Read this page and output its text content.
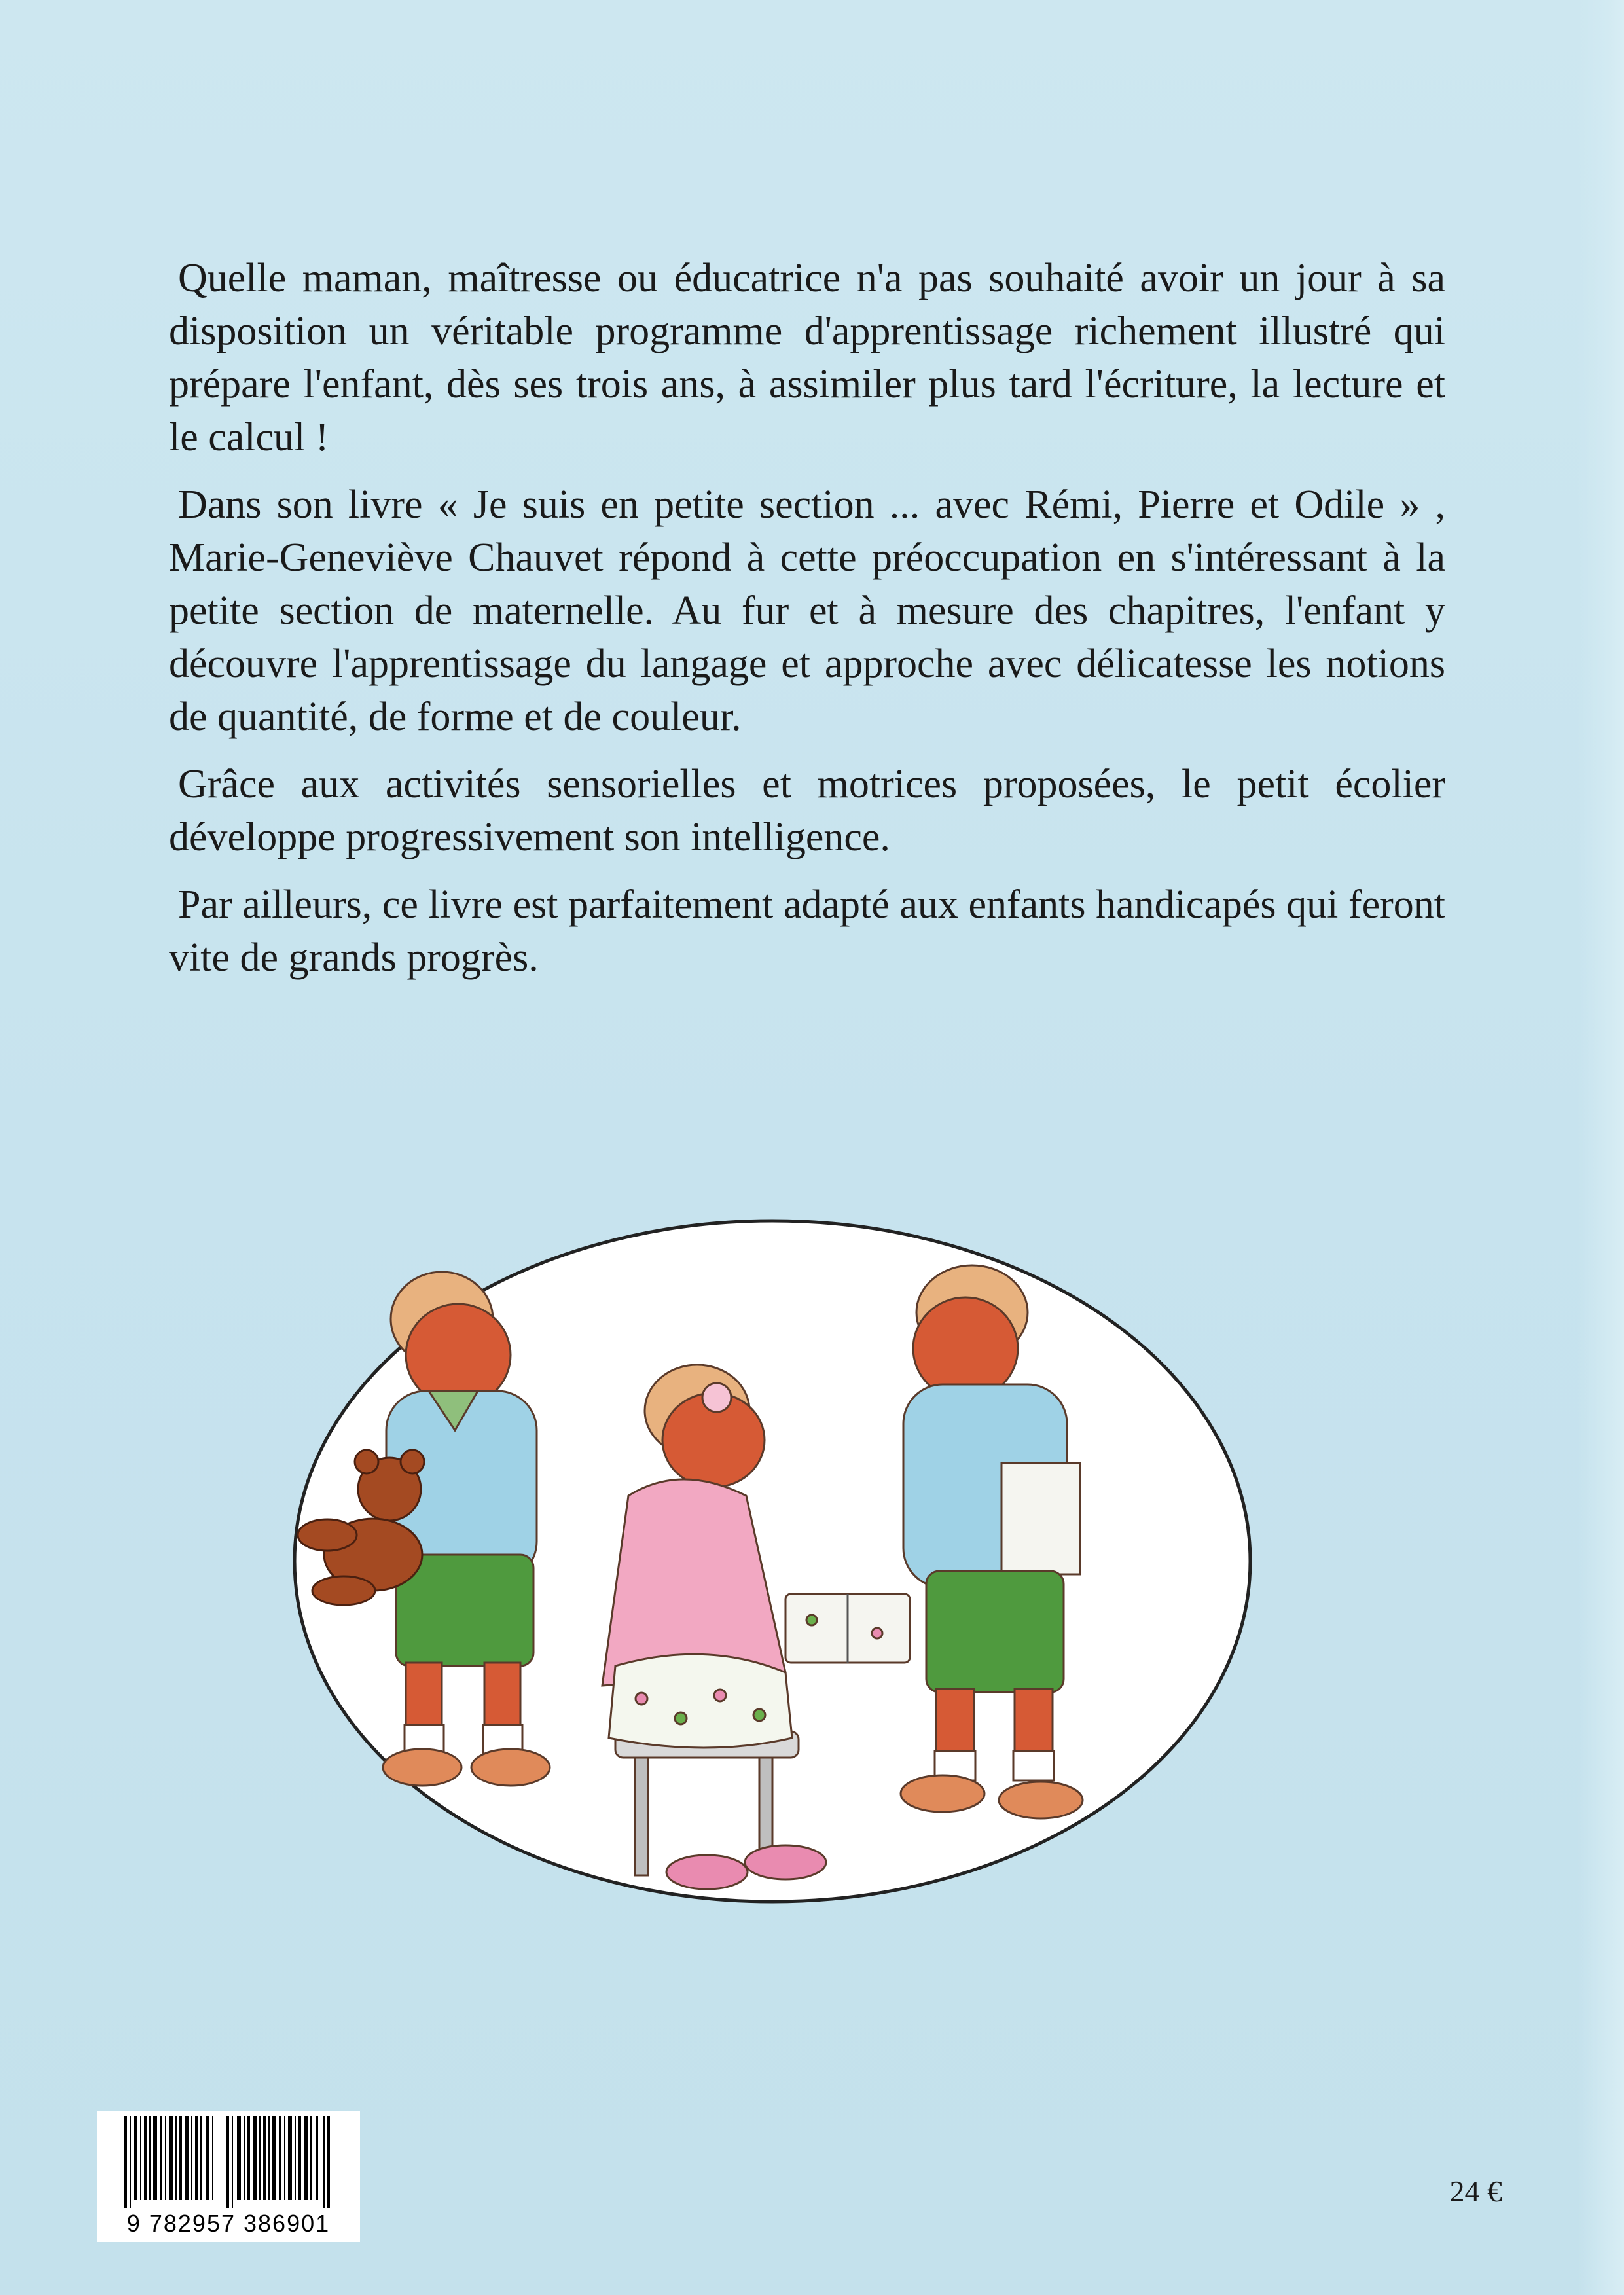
Quelle maman, maîtresse ou éducatrice n'a pas souhaité avoir un jour à sa disposition un véritable programme d'apprentissage richement illustré qui prépare l'enfant, dès ses trois ans, à assimiler plus tard l'écriture, la lecture et le calcul !

Dans son livre « Je suis en petite section ... avec Rémi, Pierre et Odile » , Marie-Geneviève Chauvet répond à cette préoccupation en s'intéressant à la petite section de maternelle. Au fur et à mesure des chapitres, l'enfant y découvre l'apprentissage du langage et approche avec délicatesse les notions de quantité, de forme et de couleur.

Grâce aux activités sensorielles et motrices proposées, le petit écolier développe progressivement son intelligence.

Par ailleurs, ce livre est parfaitement adapté aux enfants handicapés qui feront vite de grands progrès.

9 782957 386901
24 €
